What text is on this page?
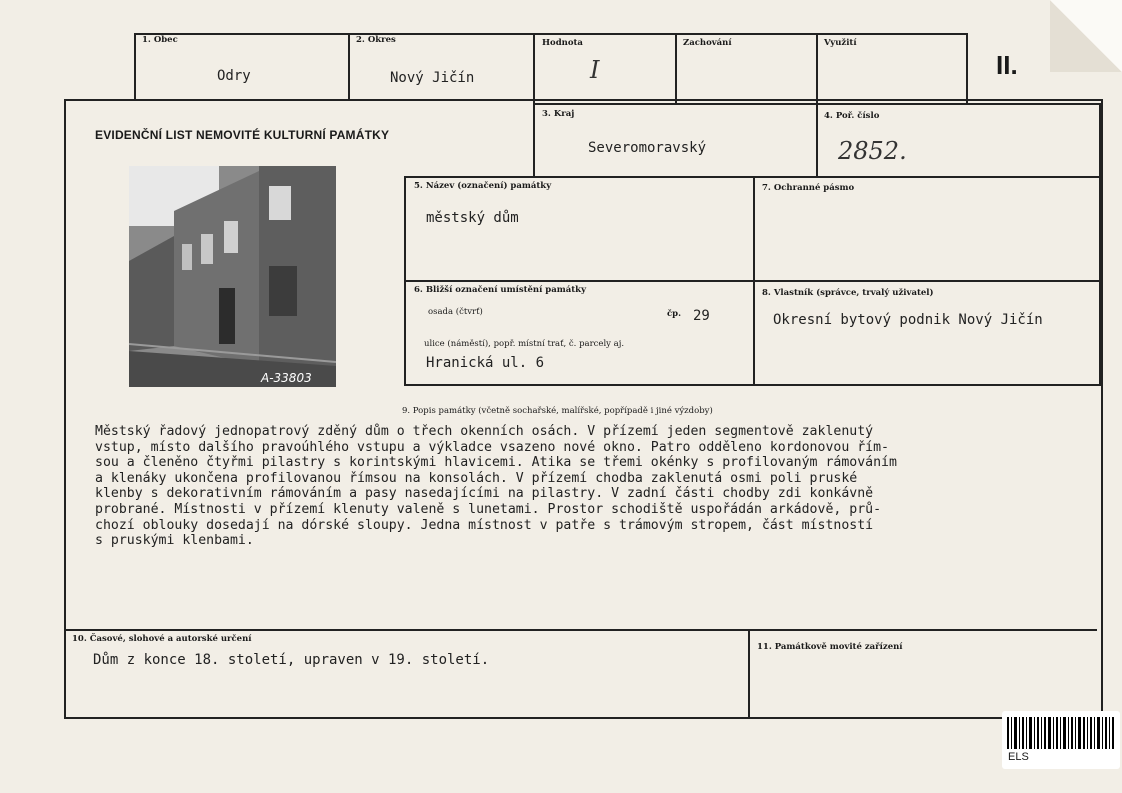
1. Obec
Odry
2. Okres
Nový Jičín
Hodnota
I
Zachování	Využití
II.
EVIDENČNÍ LIST NEMOVITÉ KULTURNÍ PAMÁTKY
3. Kraj
Severomoravský
4. Poř. číslo
2852.
A-33803
5. Název (označení) památky
městský dům
7. Ochranné pásmo
6. Bližší označení umístění památky
osada (čtvrť)	čp. 29
ulice (náměstí), popř. místní trať, č. parcely aj.
Hranická ul. 6
8. Vlastník (správce, trvalý uživatel)
Okresní bytový podnik Nový Jičín
9. Popis památky (včetně sochařské, malířské, popřípadě i jiné výzdoby)
Městský řadový jednopatrový zděný dům o třech okenních osách. V přízemí jeden segmentově zaklenutý
vstup, místo dalšího pravoúhlého vstupu a výkladce vsazeno nové okno. Patro odděleno kordonovou řím-
sou a členěno čtyřmi pilastry s korintskými hlavicemi. Atika se třemi okénky s profilovaným rámováním
a klenáky ukončena profilovanou římsou na konsolách. V přízemí chodba zaklenutá osmi poli pruské
klenby s dekorativním rámováním a pasy nasedajícími na pilastry. V zadní části chodby zdi konkávně
probrané. Místnosti v přízemí klenuty valeně s lunetami. Prostor schodiště uspořádán arkádově, prů-
chozí oblouky dosedají na dórské sloupy. Jedna místnost v patře s trámovým stropem, část místností
s pruskými klenbami.
10. Časové, slohové a autorské určení
Dům z konce 18. století, upraven v 19. století.
11. Památkově movité zařízení
ELS
